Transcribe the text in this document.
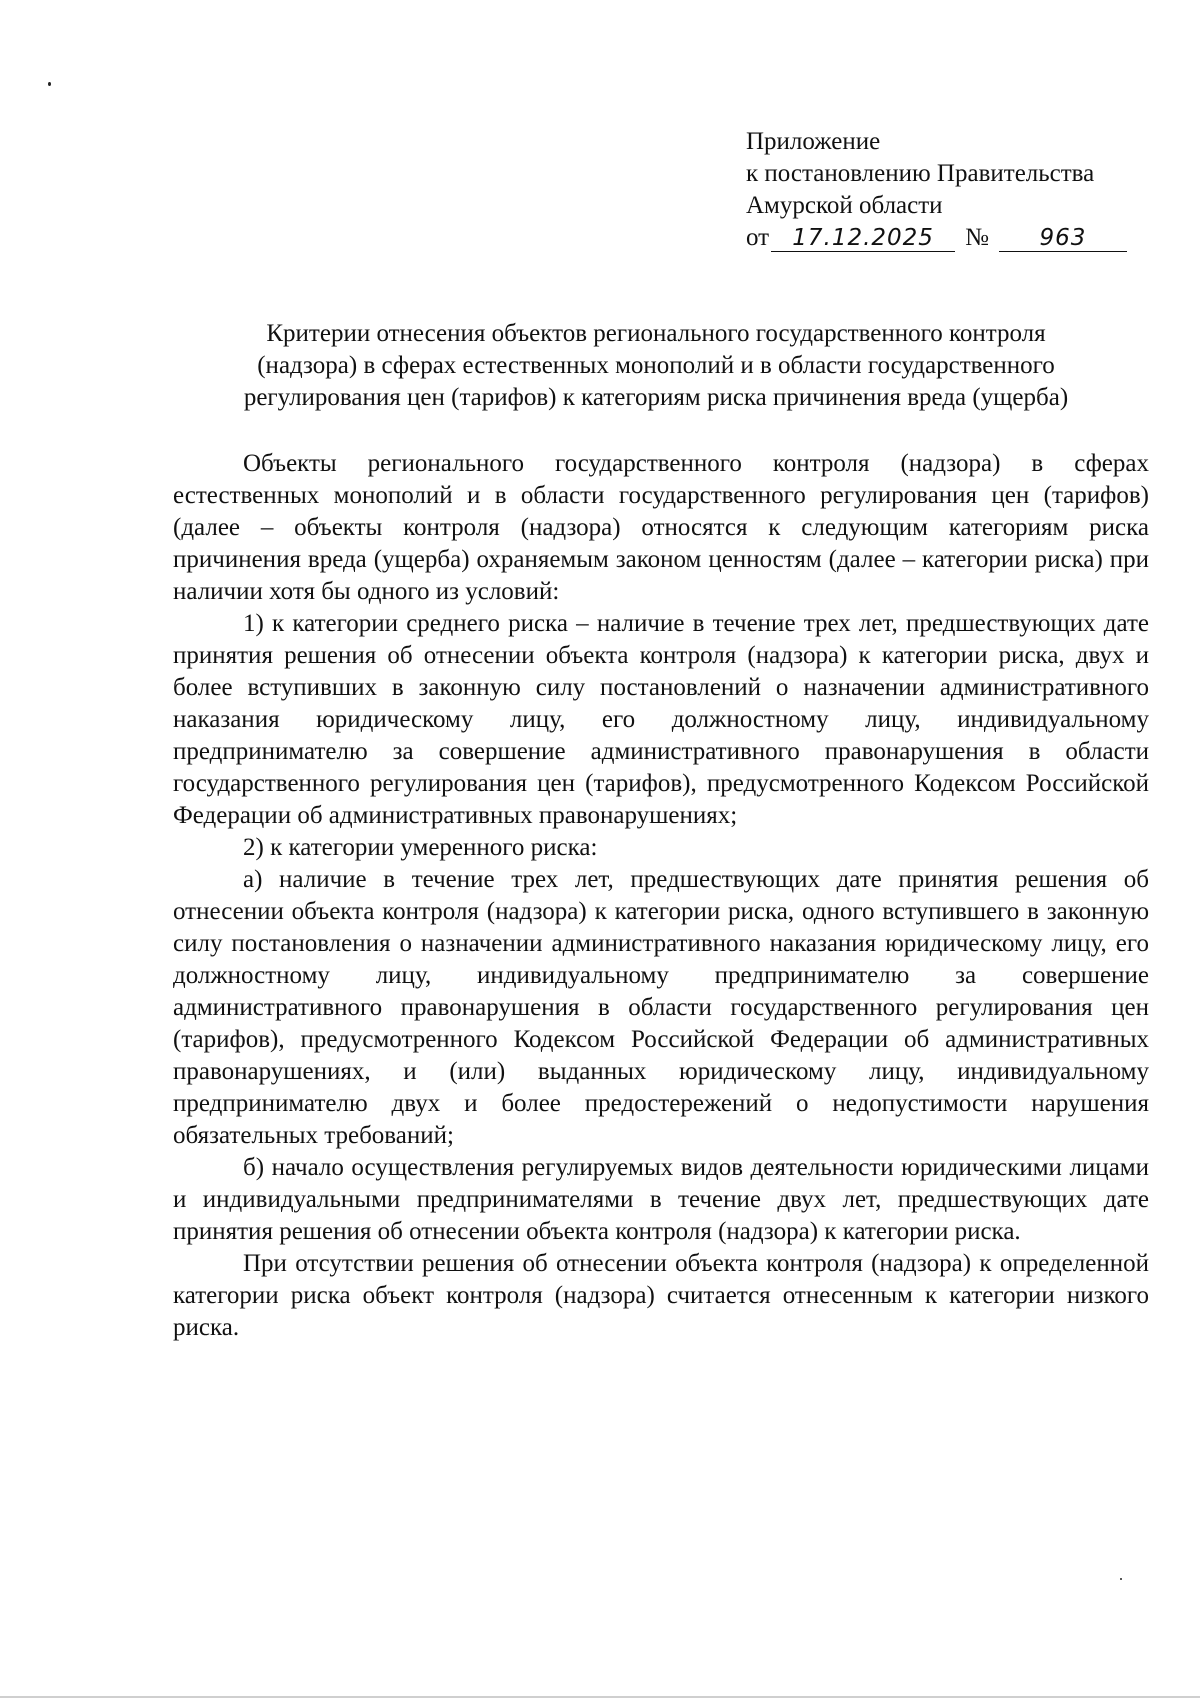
Приложение
к постановлению Правительства
Амурской области
от 17.12.2025 № 963
Критерии отнесения объектов регионального государственного контроля
(надзора) в сферах естественных монополий и в области государственного
регулирования цен (тарифов) к категориям риска причинения вреда (ущерба)

Объекты регионального государственного контроля (надзора) в сферах естественных монополий и в области государственного регулирования цен (тарифов) (далее – объекты контроля (надзора) относятся к следующим категориям риска причинения вреда (ущерба) охраняемым законом ценностям (далее – категории риска) при наличии хотя бы одного из условий:

1) к категории среднего риска – наличие в течение трех лет, предшествующих дате принятия решения об отнесении объекта контроля (надзора) к категории риска, двух и более вступивших в законную силу постановлений о назначении административного наказания юридическому лицу, его должностному лицу, индивидуальному предпринимателю за совершение административного правонарушения в области государственного регулирования цен (тарифов), предусмотренного Кодексом Российской Федерации об административных правонарушениях;

2) к категории умеренного риска:

а) наличие в течение трех лет, предшествующих дате принятия решения об отнесении объекта контроля (надзора) к категории риска, одного вступившего в законную силу постановления о назначении административного наказания юридическому лицу, его должностному лицу, индивидуальному предпринимателю за совершение административного правонарушения в области государственного регулирования цен (тарифов), предусмотренного Кодексом Российской Федерации об административных правонарушениях, и (или) выданных юридическому лицу, индивидуальному предпринимателю двух и более предостережений о недопустимости нарушения обязательных требований;

б) начало осуществления регулируемых видов деятельности юридическими лицами и индивидуальными предпринимателями в течение двух лет, предшествующих дате принятия решения об отнесении объекта контроля (надзора) к категории риска.

При отсутствии решения об отнесении объекта контроля (надзора) к определенной категории риска объект контроля (надзора) считается отнесенным к категории низкого риска.
